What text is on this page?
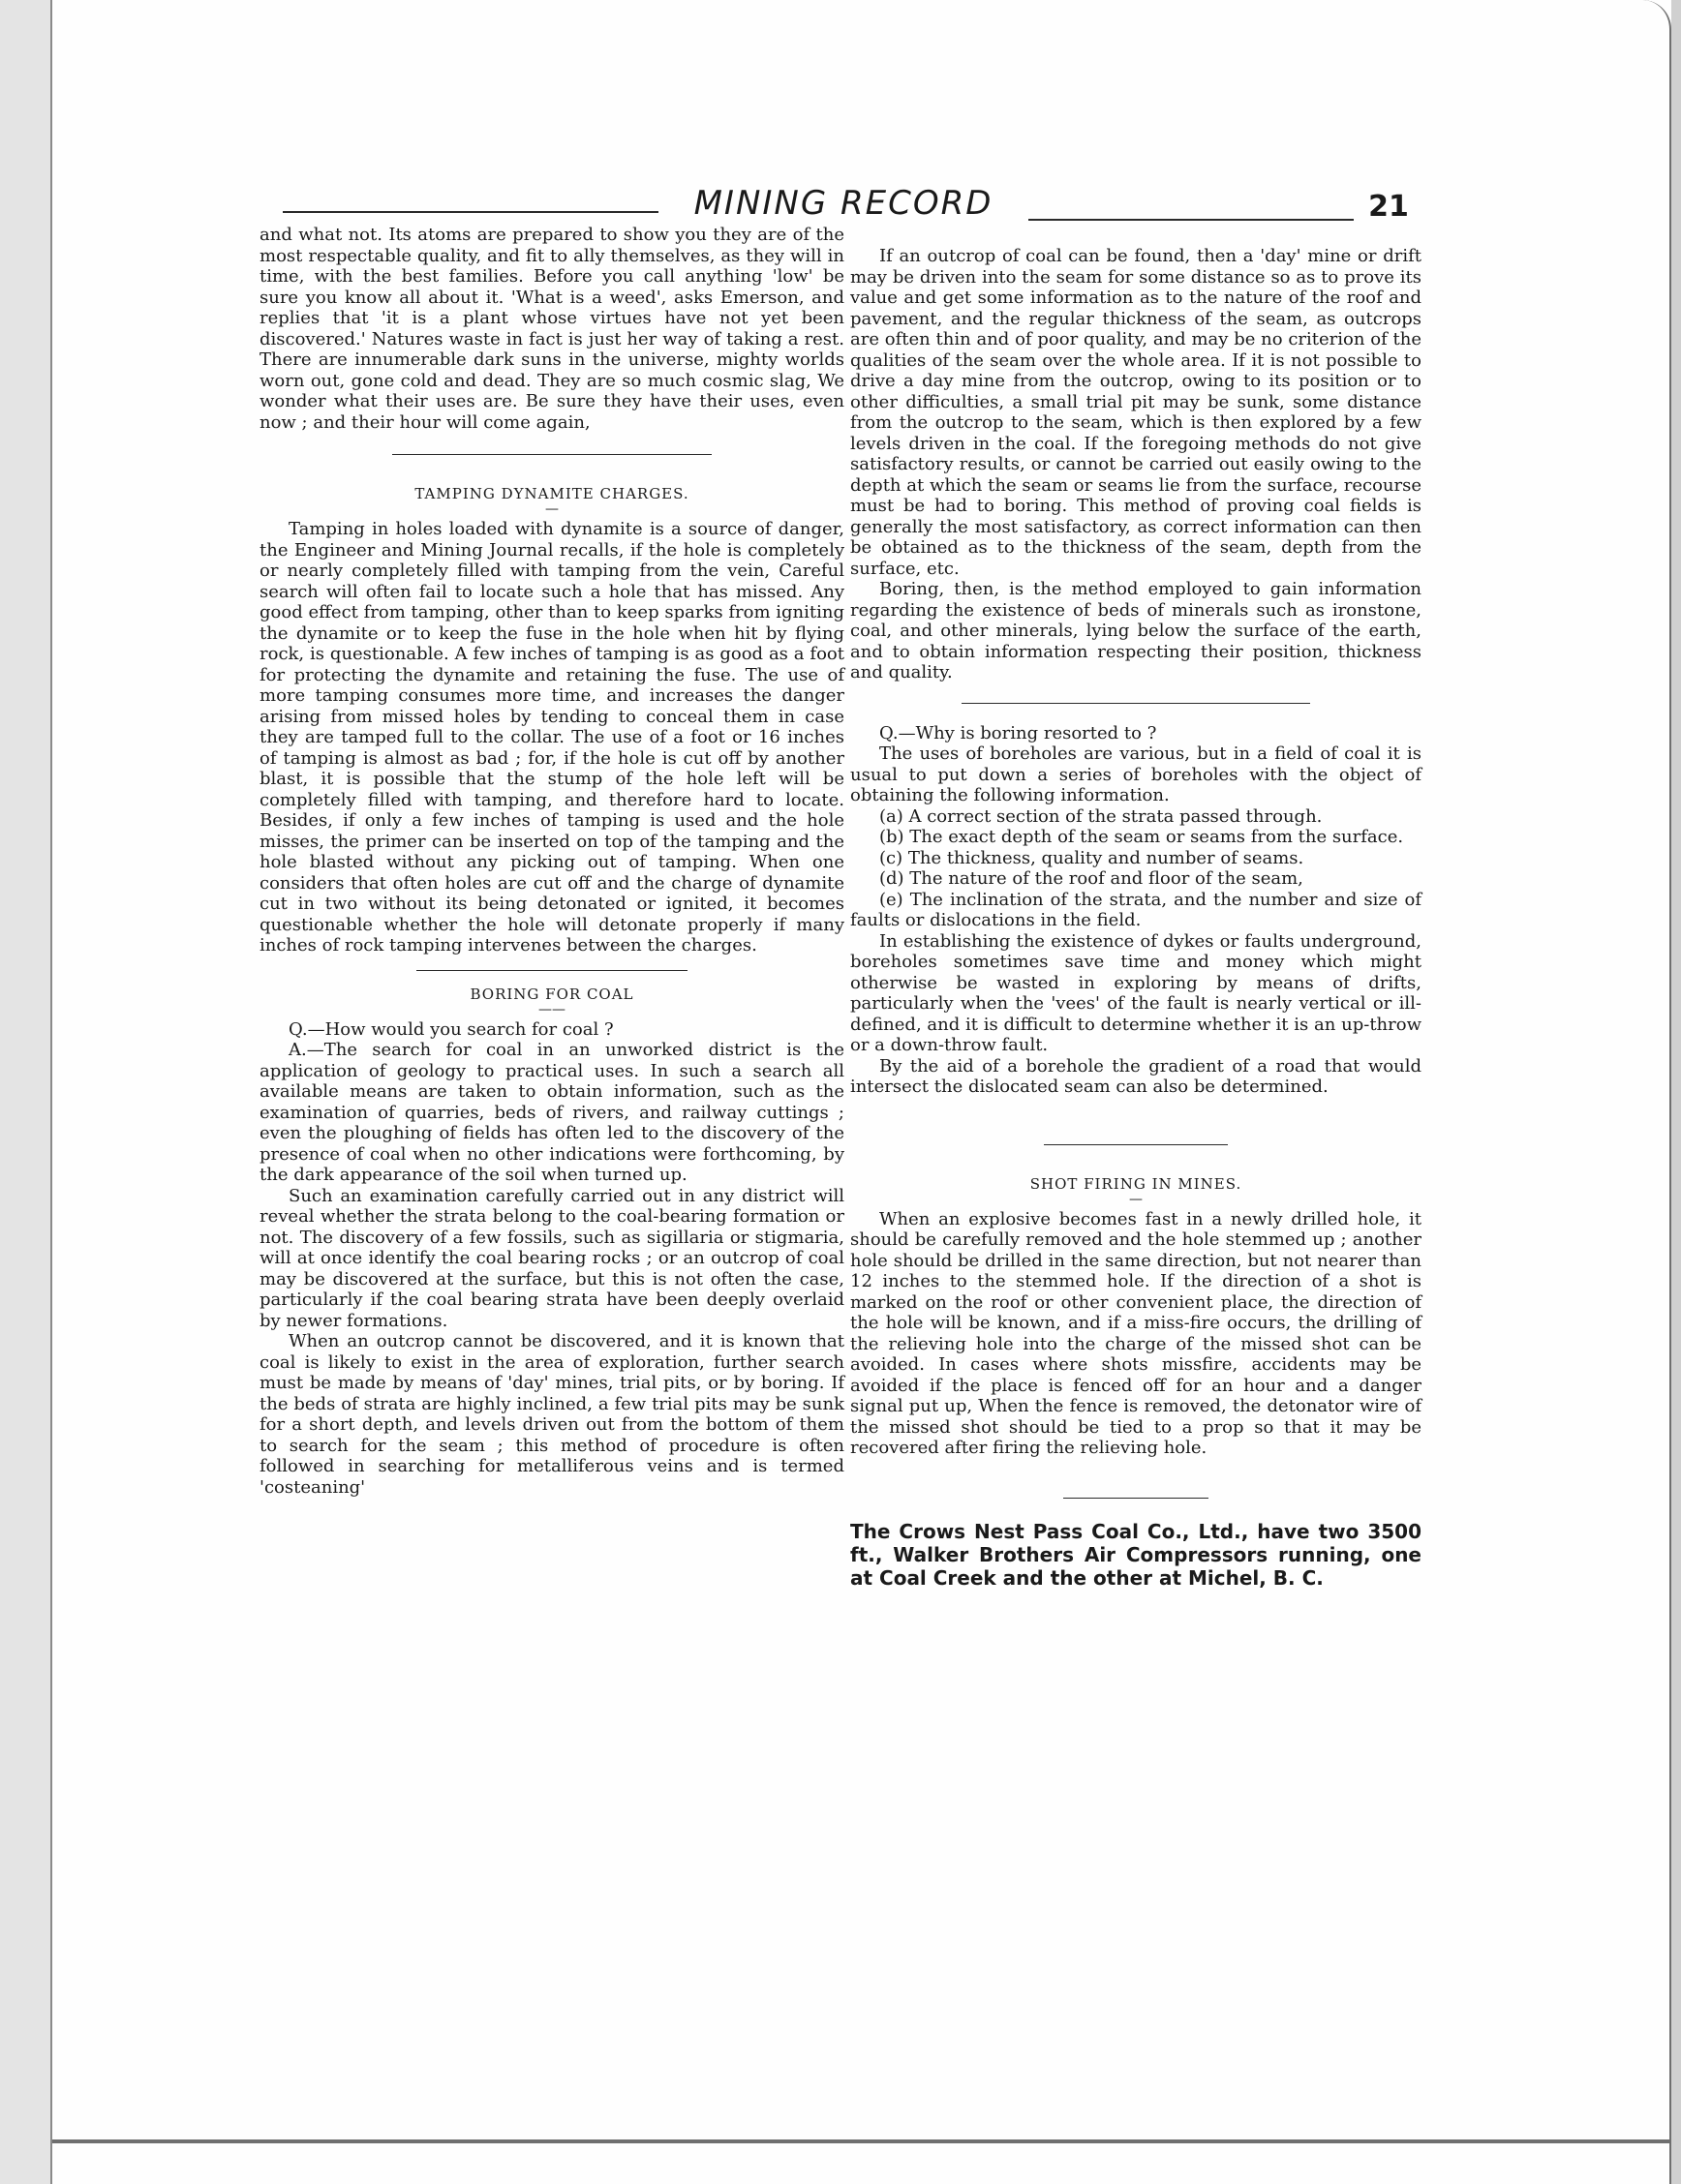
MINING RECORD	21

and what not. Its atoms are prepared to show you they are of the most respectable quality, and fit to ally themselves, as they will in time, with the best families. Before you call anything 'low' be sure you know all about it. 'What is a weed', asks Emerson, and replies that 'it is a plant whose virtues have not yet been discovered.' Natures waste in fact is just her way of taking a rest. There are innumerable dark suns in the universe, mighty worlds worn out, gone cold and dead. They are so much cosmic slag, We wonder what their uses are. Be sure they have their uses, even now ; and their hour will come again,

TAMPING DYNAMITE CHARGES.

—

Tamping in holes loaded with dynamite is a source of danger, the Engineer and Mining Journal recalls, if the hole is completely or nearly completely filled with tamping from the vein, Careful search will often fail to locate such a hole that has missed. Any good effect from tamping, other than to keep sparks from igniting the dynamite or to keep the fuse in the hole when hit by flying rock, is questionable. A few inches of tamping is as good as a foot for protecting the dynamite and retaining the fuse. The use of more tamping consumes more time, and increases the danger arising from missed holes by tending to conceal them in case they are tamped full to the collar. The use of a foot or 16 inches of tamping is almost as bad ; for, if the hole is cut off by another blast, it is possible that the stump of the hole left will be completely filled with tamping, and therefore hard to locate. Besides, if only a few inches of tamping is used and the hole misses, the primer can be inserted on top of the tamping and the hole blasted without any picking out of tamping. When one considers that often holes are cut off and the charge of dynamite cut in two without its being detonated or ignited, it becomes questionable whether the hole will detonate properly if many inches of rock tamping intervenes between the charges.

BORING FOR COAL

——

Q.—How would you search for coal ?

A.—The search for coal in an unworked district is the application of geology to practical uses. In such a search all available means are taken to obtain information, such as the examination of quarries, beds of rivers, and railway cuttings ; even the ploughing of fields has often led to the discovery of the presence of coal when no other indications were forthcoming, by the dark appearance of the soil when turned up.

Such an examination carefully carried out in any district will reveal whether the strata belong to the coal-bearing formation or not. The discovery of a few fossils, such as sigillaria or stigmaria, will at once identify the coal bearing rocks ; or an outcrop of coal may be discovered at the surface, but this is not often the case, particularly if the coal bearing strata have been deeply overlaid by newer formations.

When an outcrop cannot be discovered, and it is known that coal is likely to exist in the area of exploration, further search must be made by means of 'day' mines, trial pits, or by boring. If the beds of strata are highly inclined, a few trial pits may be sunk for a short depth, and levels driven out from the bottom of them to search for the seam ; this method of procedure is often followed in searching for metalliferous veins and is termed 'costeaning'

If an outcrop of coal can be found, then a 'day' mine or drift may be driven into the seam for some distance so as to prove its value and get some information as to the nature of the roof and pavement, and the regular thickness of the seam, as outcrops are often thin and of poor quality, and may be no criterion of the qualities of the seam over the whole area. If it is not possible to drive a day mine from the outcrop, owing to its position or to other difficulties, a small trial pit may be sunk, some distance from the outcrop to the seam, which is then explored by a few levels driven in the coal. If the foregoing methods do not give satisfactory results, or cannot be carried out easily owing to the depth at which the seam or seams lie from the surface, recourse must be had to boring. This method of proving coal fields is generally the most satisfactory, as correct information can then be obtained as to the thickness of the seam, depth from the surface, etc.

Boring, then, is the method employed to gain information regarding the existence of beds of minerals such as ironstone, coal, and other minerals, lying below the surface of the earth, and to obtain information respecting their position, thickness and quality.

Q.—Why is boring resorted to ?

The uses of boreholes are various, but in a field of coal it is usual to put down a series of boreholes with the object of obtaining the following information.

(a) A correct section of the strata passed through.

(b) The exact depth of the seam or seams from the surface.

(c) The thickness, quality and number of seams.

(d) The nature of the roof and floor of the seam,

(e) The inclination of the strata, and the number and size of faults or dislocations in the field.

In establishing the existence of dykes or faults underground, boreholes sometimes save time and money which might otherwise be wasted in exploring by means of drifts, particularly when the 'vees' of the fault is nearly vertical or ill-defined, and it is difficult to determine whether it is an up-throw or a down-throw fault.

By the aid of a borehole the gradient of a road that would intersect the dislocated seam can also be determined.

SHOT FIRING IN MINES.

—

When an explosive becomes fast in a newly drilled hole, it should be carefully removed and the hole stemmed up ; another hole should be drilled in the same direction, but not nearer than 12 inches to the stemmed hole. If the direction of a shot is marked on the roof or other convenient place, the direction of the hole will be known, and if a miss-fire occurs, the drilling of the relieving hole into the charge of the missed shot can be avoided. In cases where shots missfire, accidents may be avoided if the place is fenced off for an hour and a danger signal put up, When the fence is removed, the detonator wire of the missed shot should be tied to a prop so that it may be recovered after firing the relieving hole.

The Crows Nest Pass Coal Co., Ltd., have two 3500 ft., Walker Brothers Air Compressors running, one at Coal Creek and the other at Michel, B. C.
